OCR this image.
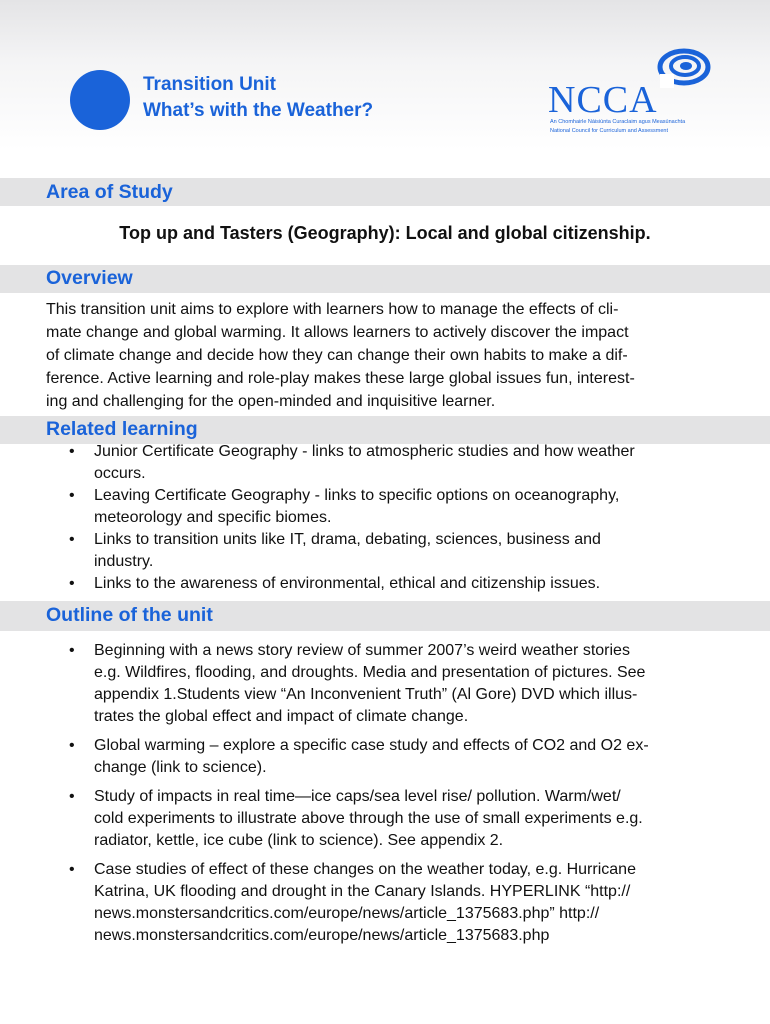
Transition Unit
What’s with the Weather?	NCCA
An Chomhairle Náisiúnta Curaclaim agus Measúnachta
National Council for Curriculum and Assessment
Area of Study
Top up and Tasters (Geography): Local and global citizenship.
Overview
This transition unit aims to explore with learners how to manage the effects of cli-
mate change and global warming. It allows learners to actively discover the impact
of climate change and decide how they can change their own habits to make a dif-
ference. Active learning and role-play makes these large global issues fun, interest-
ing and challenging for the open-minded and inquisitive learner.
Related learning
• Junior Certificate Geography - links to atmospheric studies and how weather
occurs.
• Leaving Certificate Geography - links to specific options on oceanography,
meteorology and specific biomes.
• Links to transition units like IT, drama, debating, sciences, business and
industry.
• Links to the awareness of environmental, ethical and citizenship issues.
Outline of the unit
• Beginning with a news story review of summer 2007’s weird weather stories
e.g. Wildfires, flooding, and droughts. Media and presentation of pictures. See
appendix 1.Students view “An Inconvenient Truth” (Al Gore) DVD which illus-
trates the global effect and impact of climate change.
• Global warming – explore a specific case study and effects of CO2 and O2 ex-
change (link to science).
• Study of impacts in real time—ice caps/sea level rise/ pollution. Warm/wet/
cold experiments to illustrate above through the use of small experiments e.g.
radiator, kettle, ice cube (link to science). See appendix 2.
• Case studies of effect of these changes on the weather today, e.g. Hurricane
Katrina, UK flooding and drought in the Canary Islands. HYPERLINK “http://
news.monstersandcritics.com/europe/news/article_1375683.php” http://
news.monstersandcritics.com/europe/news/article_1375683.php
